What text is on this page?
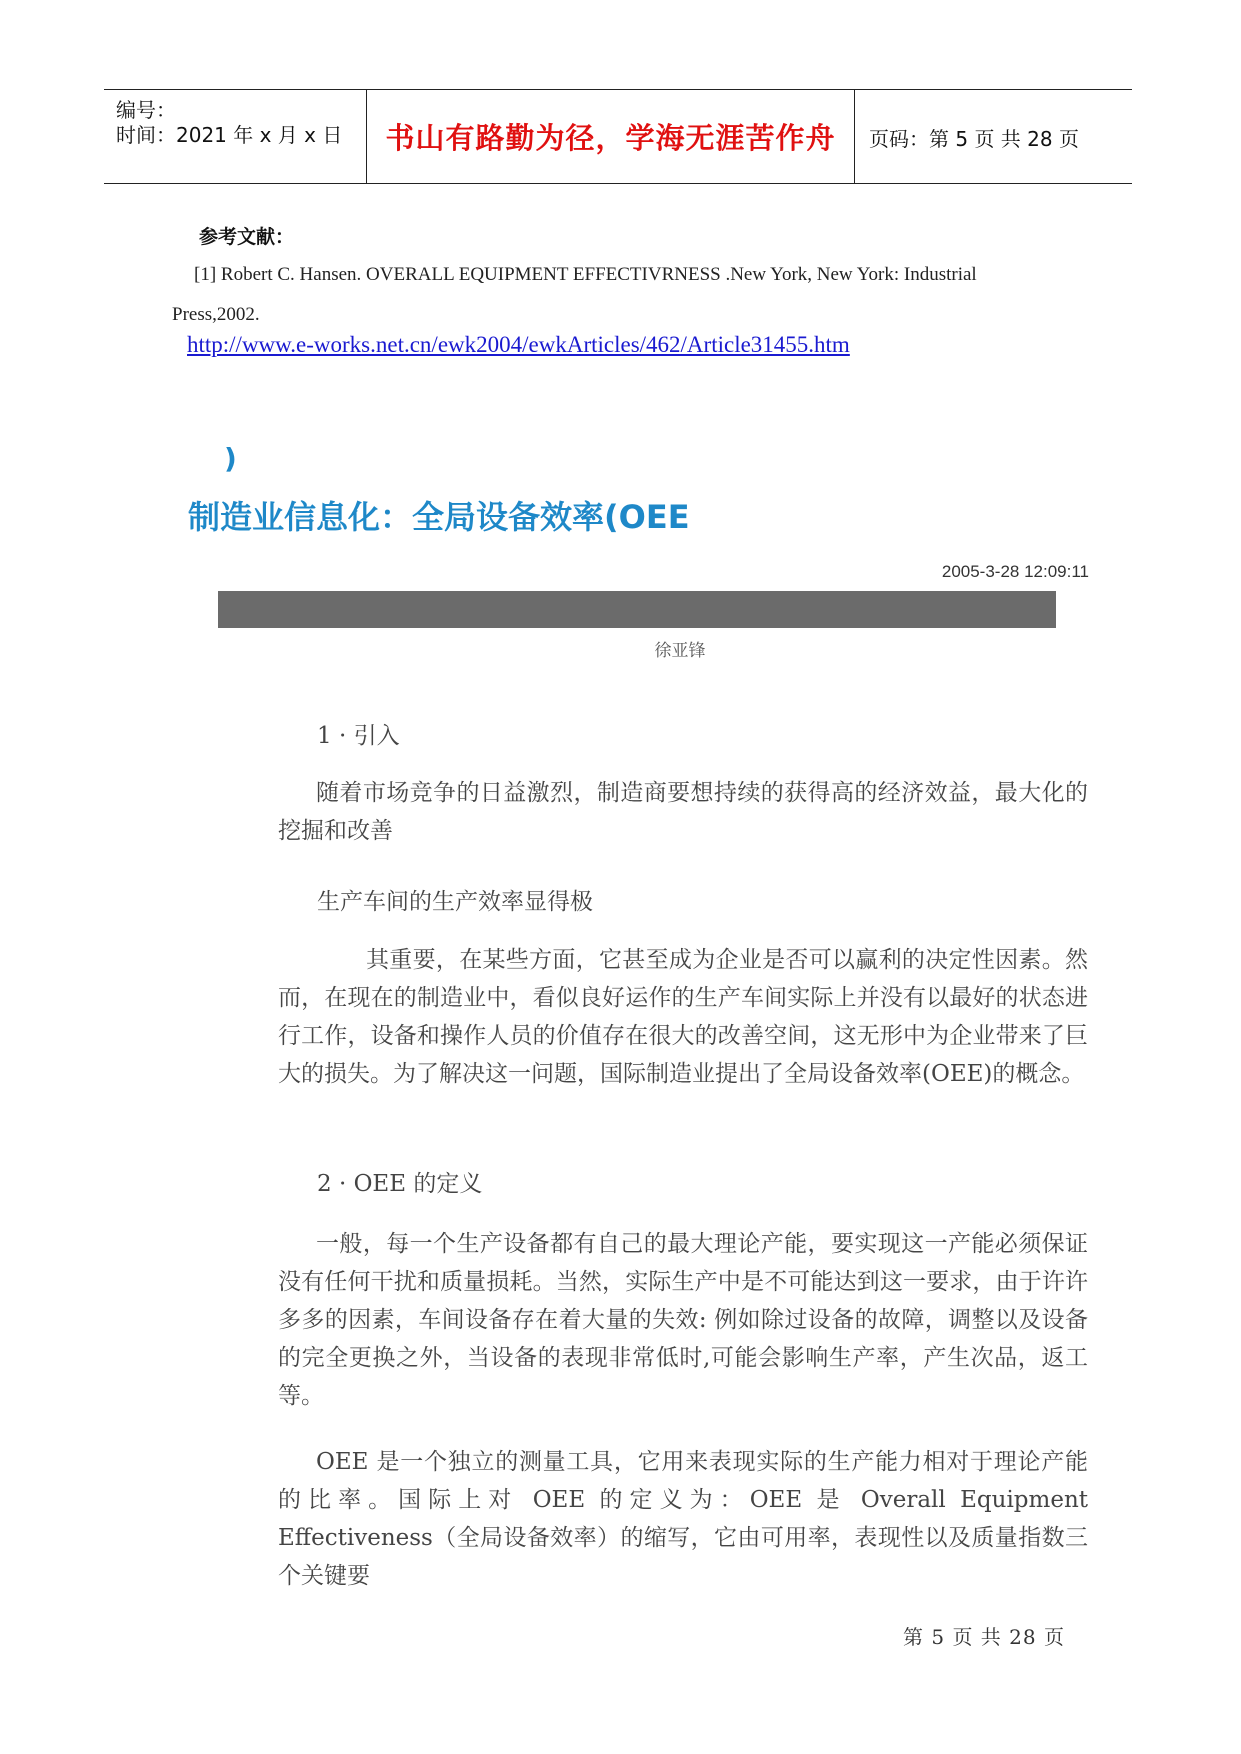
编号：
时间：2021 年 x 月 x 日	书山有路勤为径，学海无涯苦作舟	页码：第 5 页 共 28 页
参考文献：
[1] Robert C. Hansen. OVERALL EQUIPMENT EFFECTIVRNESS .New York, New York: Industrial
Press,2002.
http://www.e-works.net.cn/ewk2004/ewkArticles/462/Article31455.htm
)
制造业信息化：全局设备效率(OEE
2005-3-28 12:09:11
徐亚锋
1 · 引入
随着市场竞争的日益激烈，制造商要想持续的获得高的经济效益，最大化的挖掘和改善
生产车间的生产效率显得极
其重要，在某些方面，它甚至成为企业是否可以赢利的决定性因素。然而，在现在的制造业中，看似良好运作的生产车间实际上并没有以最好的状态进行工作，设备和操作人员的价值存在很大的改善空间，这无形中为企业带来了巨大的损失。为了解决这一问题，国际制造业提出了全局设备效率(OEE)的概念。
2 · OEE 的定义
一般，每一个生产设备都有自己的最大理论产能，要实现这一产能必须保证没有任何干扰和质量损耗。当然，实际生产中是不可能达到这一要求，由于许许多多的因素，车间设备存在着大量的失效: 例如除过设备的故障，调整以及设备的完全更换之外，当设备的表现非常低时,可能会影响生产率，产生次品，返工等。
OEE 是一个独立的测量工具，它用来表现实际的生产能力相对于理论产能的比率。国际上对 OEE 的定义为：OEE 是 Overall Equipment Effectiveness（全局设备效率）的缩写，它由可用率，表现性以及质量指数三个关键要
第 5 页 共 28 页
